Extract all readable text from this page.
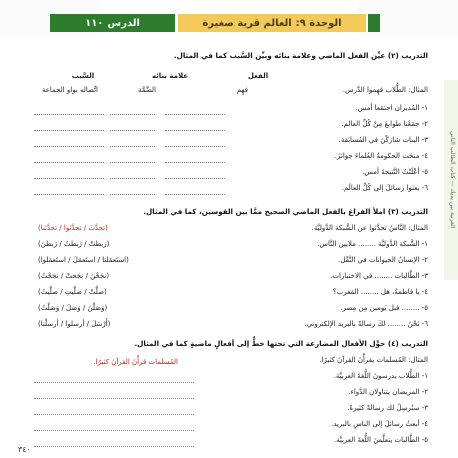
الدرس
١١٠	الوحدة ٩:
العالم قرية صغيرة
العربية بين يديك — كتاب الطالب الثاني
التدريب (٢) عيِّن الفعل الماضي وعلامة بنائه وبيِّن السَّبب كما في المثال.
الفعل
علامة بنائه
السَّبب
المثال: الطُّلاب فهِموا الدَّرس.
فهِم
الضَّمَّة
اتِّصاله بواو الجماعة
١- المُديران اجتمَعا أمس.
٢- جمَعْنا طوابعَ مِنْ كُلِّ العالم.
٣- البنات شارَكْنَ في المُسابَقة.
٤- منحَت الحكومةُ العُلماءَ جوائزَ.
٥- أعْلَنْتُ النَّتيجةَ أمس.
٦- بعثوا رسائلَ إلى كُلِّ العالَم.
التدريب (٣) املأ الفراغ بالفعل الماضي الصحيح ممَّا بين القوسين، كما في المثال.
المثال: النَّاسُ تحدَّثوا عن الشَّبكة الدَّوليَّة.
(تحدَّثَ / تحدَّثوا / تحدَّثنا)
١- الشَّبكة الدَّوليَّة ........ ملايين النَّاس.
(رَبطتْ / رَبطتُ / رَبطنَ)
٢- الإنسانُ الحيوانات في النَّقْل.
(استَعمَلتا / استَعمَلَ / استَعمَلوا)
٣- الطَّالبات ........ في الاختبارات.
(نجَحْنَ / نجَحتْ / نجَحْتُ)
٤- يا فاطمةُ، هل ........ المَغرب؟
(صلَّتْ / صلَّيتِ / صلَّيتُ)
٥- ........ قبل يَومين مِن مِصر.
(وَصَلْنَ / وَصَلَ / وَصَلْتُ)
٦- نَحْنُ ........ لكَ رسالةً بالبريد الإلكتروني.
(أَرْسَلَ / أرسلوا / أرسلْنا)
التدريب (٤) حوِّل الأفعال المضارعة التي تحتها خطٌّ إلى أفعالٍ ماضيةٍ كما في المثال.
المثال: المُسلمات يقرأْنَ القرآنَ كثيرًا.
المُسلمات قرأْنَ القرآنَ كثيرًا.
١- الطُّلاب يدرسونَ اللُّغةَ العربيَّة.
٢- المريضان يتناولان الدَّواء.
٣- ستُرسِلُ لك رسالةً كثيرةً.
٤- أبعثُ رسائلَ إلى الناسِ بالبريد.
٥- الطَّالبات يتعلَّمنَ اللُّغةَ العربيَّة.
٣٤٠
